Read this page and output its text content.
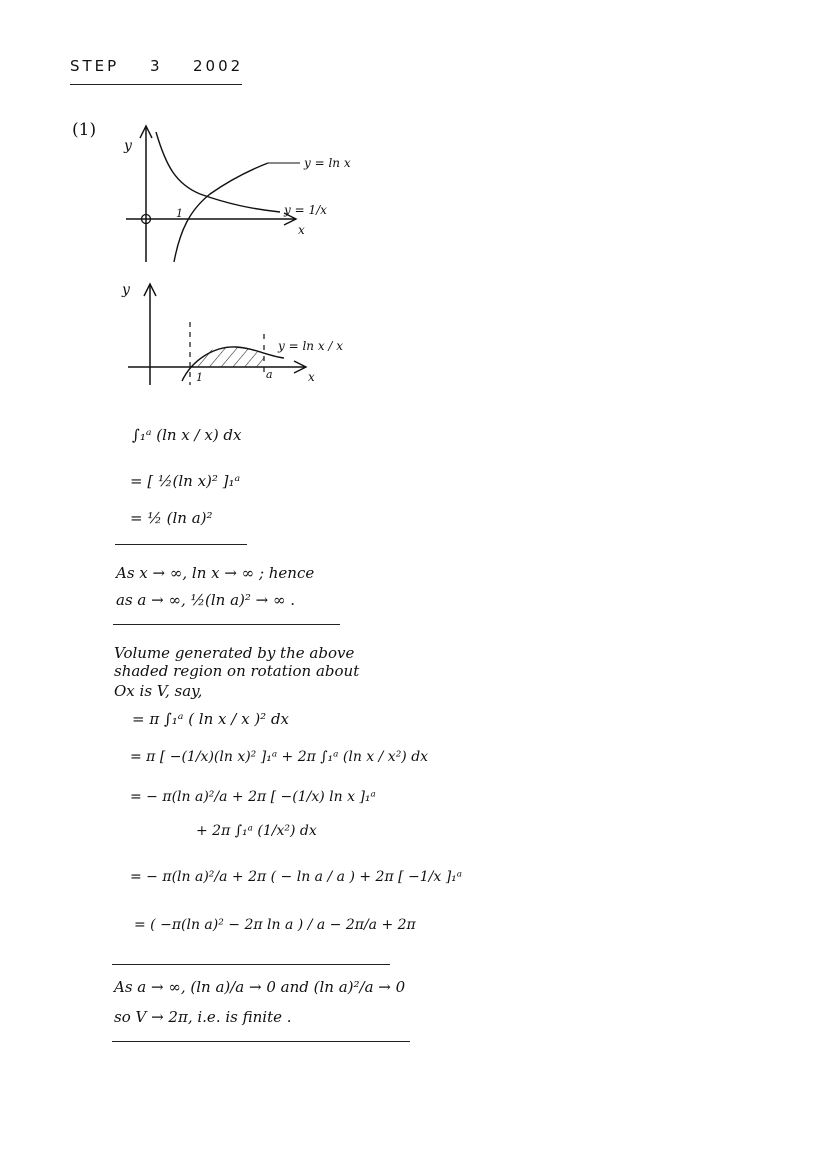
STEP 3 2002
(1)
y
x
1
y = ln x
y = 1/x
y
x
1	a
y = ln x / x
∫₁ᵃ (ln x / x) dx
= [ ½(ln x)² ]₁ᵃ
= ½ (ln a)²
As x → ∞, ln x → ∞ ; hence
as a → ∞, ½(ln a)² → ∞ .
Volume generated by the above
shaded region on rotation about
Ox is V, say,
= π ∫₁ᵃ ( ln x / x )² dx
= π [ −(1/x)(ln x)² ]₁ᵃ + 2π ∫₁ᵃ (ln x / x²) dx
= − π(ln a)²/a + 2π [ −(1/x) ln x ]₁ᵃ
+ 2π ∫₁ᵃ (1/x²) dx
= − π(ln a)²/a + 2π ( − ln a / a ) + 2π [ −1/x ]₁ᵃ
= ( −π(ln a)² − 2π ln a ) / a − 2π/a + 2π
As a → ∞, (ln a)/a → 0 and (ln a)²/a → 0
so V → 2π, i.e. is finite .
